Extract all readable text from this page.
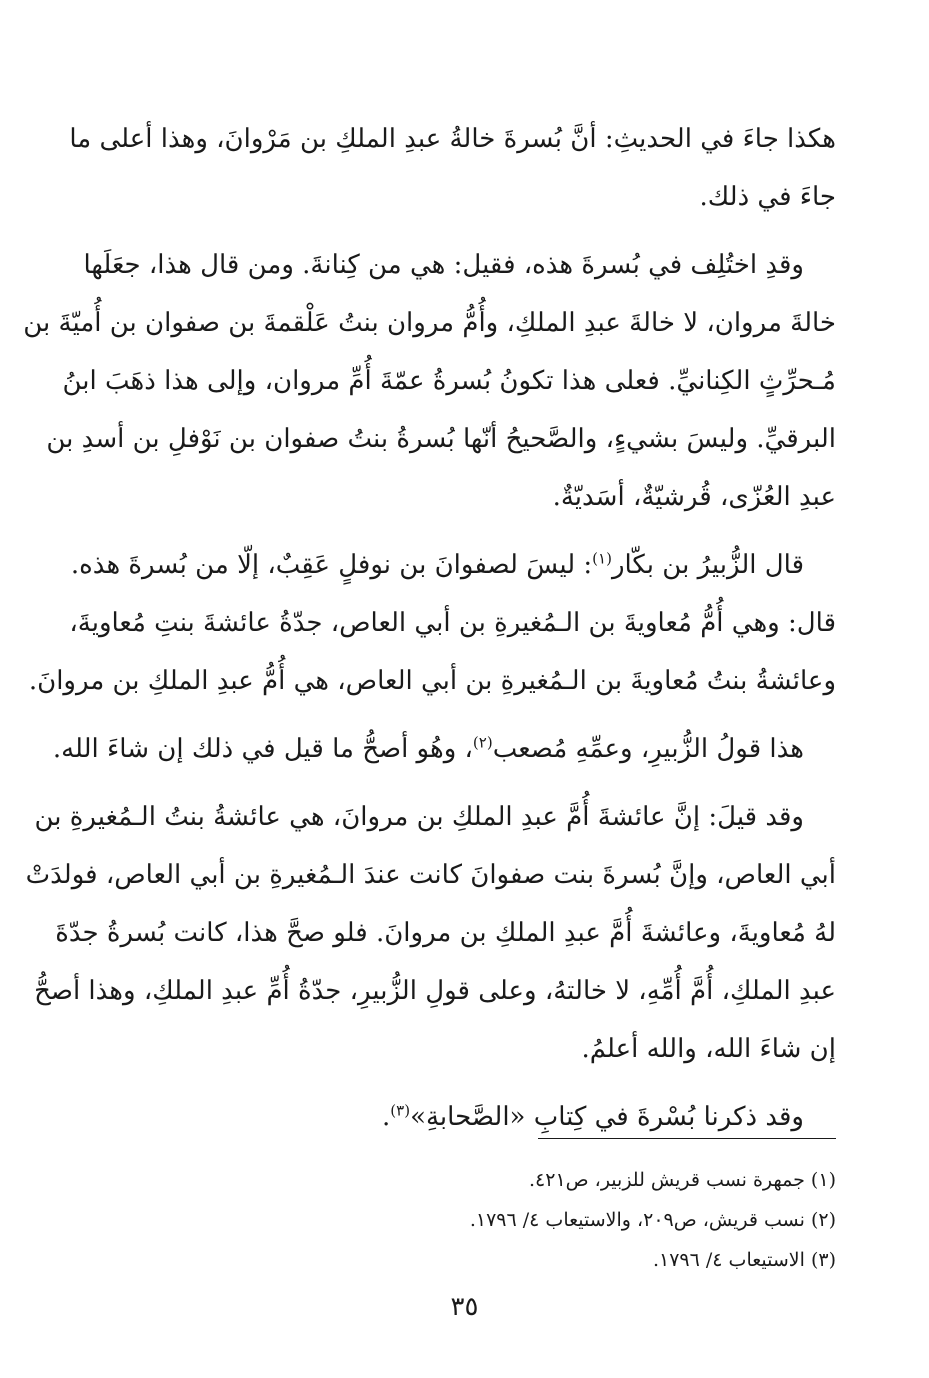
هكذا جاءَ في الحديثِ: أنَّ بُسرةَ خالةُ عبدِ الملكِ بن مَرْوانَ، وهذا أعلى ما
جاءَ في ذلك.
وقدِ اختُلِف في بُسرةَ هذه، فقيل: هي من كِنانةَ. ومن قال هذا، جعَلَها
خالةَ مروان، لا خالةَ عبدِ الملكِ، وأُمُّ مروان بنتُ عَلْقمةَ بن صفوان بن أُميّةَ بن
مُـحرِّثٍ الكِنانيِّ. فعلى هذا تكونُ بُسرةُ عمّةَ أُمِّ مروان، وإلى هذا ذهَبَ ابنُ
البرقيِّ. وليسَ بشيءٍ، والصَّحيحُ أنّها بُسرةُ بنتُ صفوان بن نَوْفلِ بن أسدِ بن
عبدِ العُزّى، قُرشيّةٌ، أسَديّةٌ.
قال الزُّبيرُ بن بكّار$^{(١)}$: ليسَ لصفوانَ بن نوفلٍ عَقِبٌ، إلّا من بُسرةَ هذه.
قال: وهي أُمُّ مُعاويةَ بن الـمُغيرةِ بن أبي العاص، جدّةُ عائشةَ بنتِ مُعاويةَ،
وعائشةُ بنتُ مُعاويةَ بن الـمُغيرةِ بن أبي العاص، هي أُمُّ عبدِ الملكِ بن مروانَ.
هذا قولُ الزُّبيرِ، وعمِّهِ مُصعب$^{(٢)}$، وهُو أصحُّ ما قيل في ذلك إن شاءَ الله.
وقد قيلَ: إنَّ عائشةَ أُمَّ عبدِ الملكِ بن مروانَ، هي عائشةُ بنتُ الـمُغيرةِ بن
أبي العاص، وإنَّ بُسرةَ بنت صفوانَ كانت عندَ الـمُغيرةِ بن أبي العاص، فولدَتْ
لهُ مُعاويةَ، وعائشةَ أُمَّ عبدِ الملكِ بن مروانَ. فلو صحَّ هذا، كانت بُسرةُ جدّةَ
عبدِ الملكِ، أُمَّ أُمِّهِ، لا خالتهُ، وعلى قولِ الزُّبيرِ، جدّةُ أُمِّ عبدِ الملكِ، وهذا أصحُّ
إن شاءَ الله، والله أعلمُ.
وقد ذكرنا بُسْرةَ في كِتابِ «الصَّحابةِ»$^{(٣)}$.
(١) جمهرة نسب قريش للزبير، ص٤٢١.
(٢) نسب قريش، ص٢٠٩، والاستيعاب ٤/ ١٧٩٦.
(٣) الاستيعاب ٤/ ١٧٩٦.
٣٥
